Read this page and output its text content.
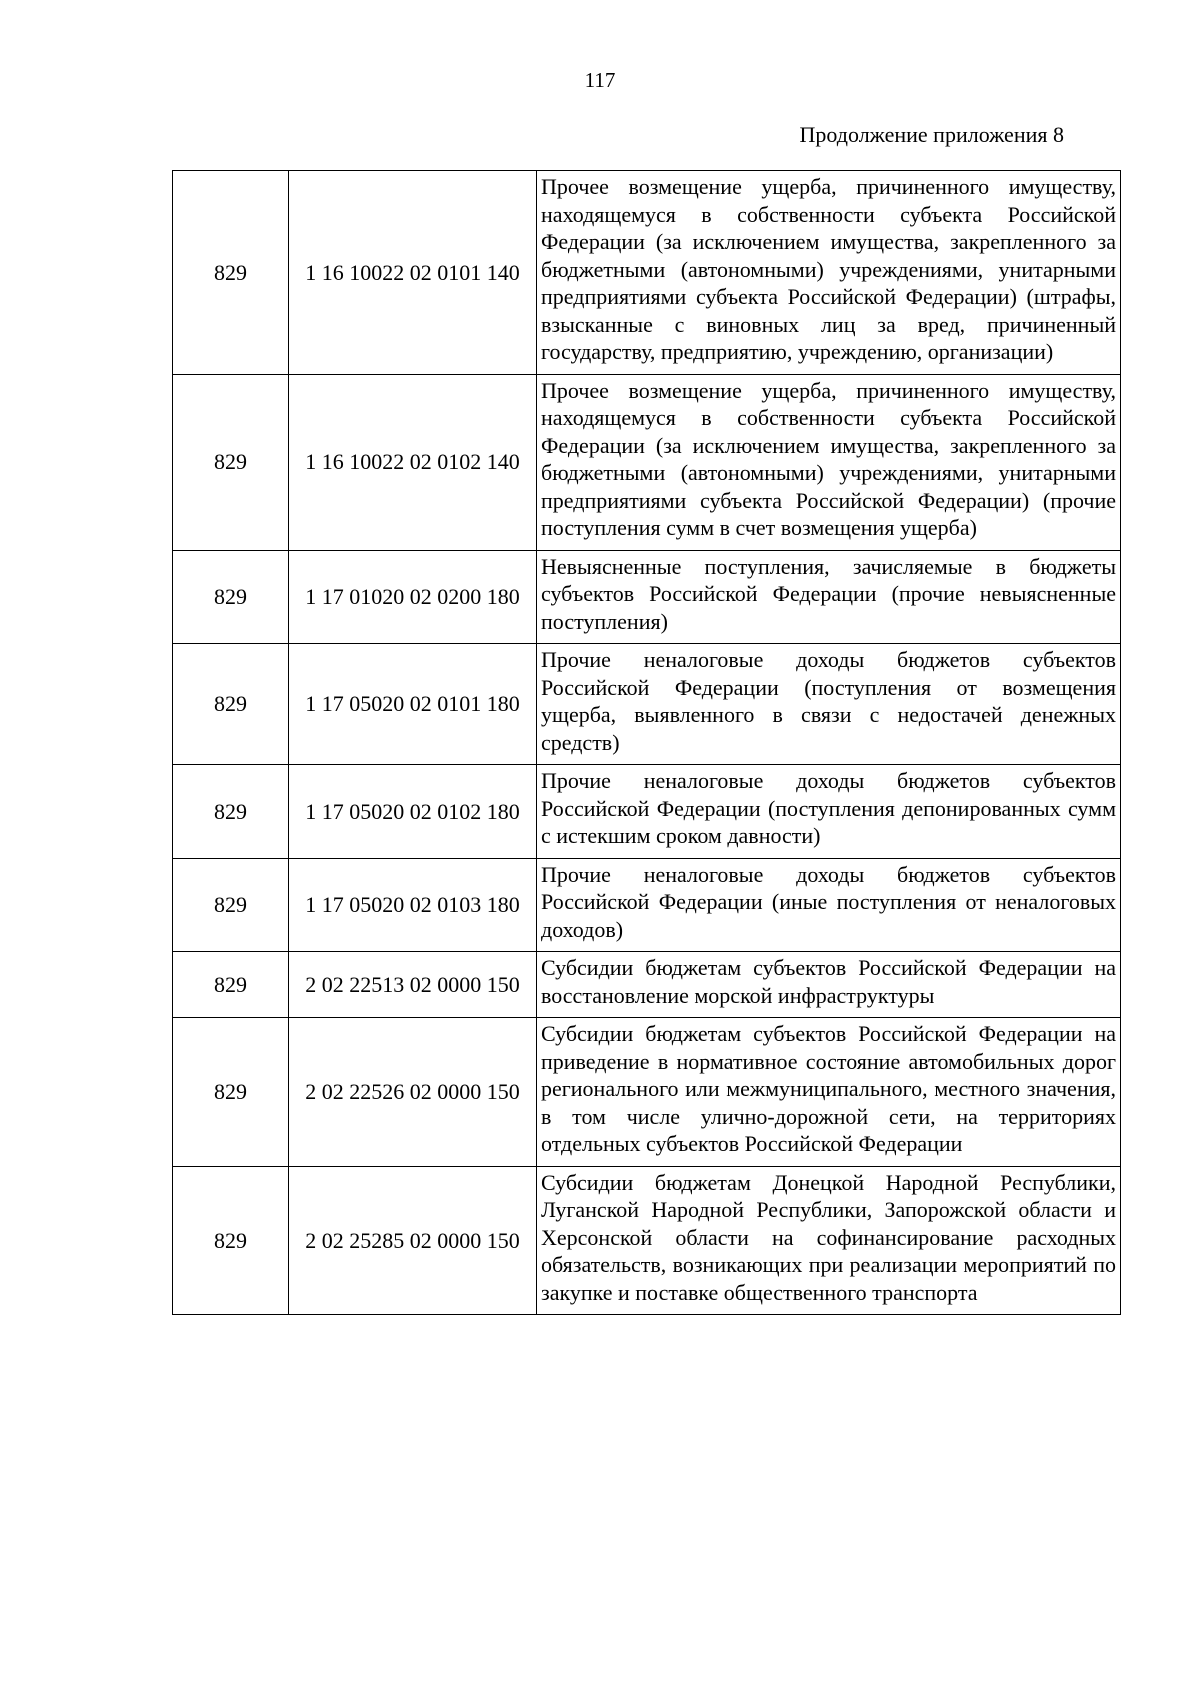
117
Продолжение приложения 8
829	1 16 10022 02 0101 140	Прочее возмещение ущерба, причиненного имуществу, находящемуся в собственности субъекта Российской Федерации (за исключением имущества, закрепленного за бюджетными (автономными) учреждениями, унитарными предприятиями субъекта Российской Федерации) (штрафы, взысканные с виновных лиц за вред, причиненный государству, предприятию, учреждению, организации)
829	1 16 10022 02 0102 140	Прочее возмещение ущерба, причиненного имуществу, находящемуся в собственности субъекта Российской Федерации (за исключением имущества, закрепленного за бюджетными (автономными) учреждениями, унитарными предприятиями субъекта Российской Федерации) (прочие поступления сумм в счет возмещения ущерба)
829	1 17 01020 02 0200 180	Невыясненные поступления, зачисляемые в бюджеты субъектов Российской Федерации (прочие невыясненные поступления)
829	1 17 05020 02 0101 180	Прочие неналоговые доходы бюджетов субъектов Российской Федерации (поступления от возмещения ущерба, выявленного в связи с недостачей денежных средств)
829	1 17 05020 02 0102 180	Прочие неналоговые доходы бюджетов субъектов Российской Федерации (поступления депонированных сумм с истекшим сроком давности)
829	1 17 05020 02 0103 180	Прочие неналоговые доходы бюджетов субъектов Российской Федерации (иные поступления от неналоговых доходов)
829	2 02 22513 02 0000 150	Субсидии бюджетам субъектов Российской Федерации на восстановление морской инфраструктуры
829	2 02 22526 02 0000 150	Субсидии бюджетам субъектов Российской Федерации на приведение в нормативное состояние автомобильных дорог регионального или межмуниципального, местного значения, в том числе улично-дорожной сети, на территориях отдельных субъектов Российской Федерации
829	2 02 25285 02 0000 150	Субсидии бюджетам Донецкой Народной Республики, Луганской Народной Республики, Запорожской области и Херсонской области на софинансирование расходных обязательств, возникающих при реализации мероприятий по закупке и поставке общественного транспорта
